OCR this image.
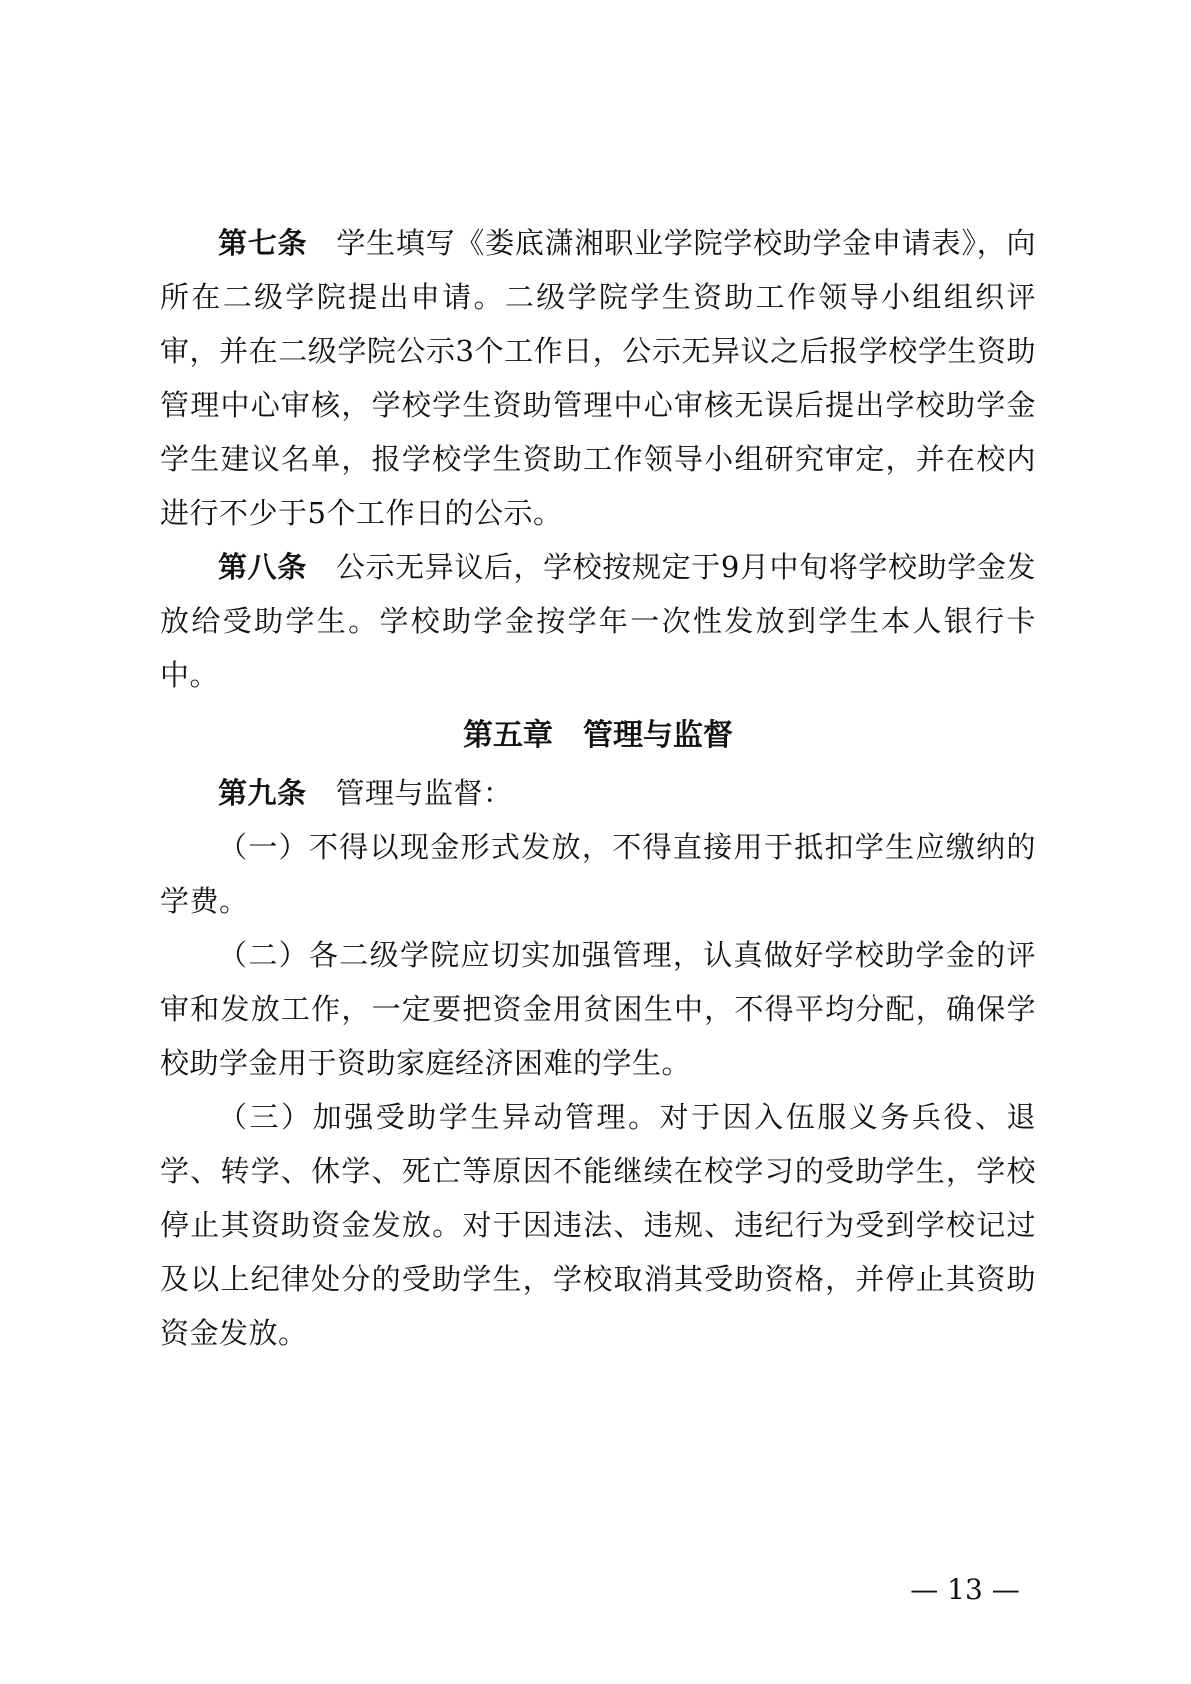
第七条 学生填写《娄底潇湘职业学院学校助学金申请表》，向所在二级学院提出申请。二级学院学生资助工作领导小组组织评审，并在二级学院公示3个工作日，公示无异议之后报学校学生资助管理中心审核，学校学生资助管理中心审核无误后提出学校助学金学生建议名单，报学校学生资助工作领导小组研究审定，并在校内进行不少于5个工作日的公示。

第八条 公示无异议后，学校按规定于9月中旬将学校助学金发放给受助学生。学校助学金按学年一次性发放到学生本人银行卡中。

第五章　管理与监督

第九条 管理与监督：

（一）不得以现金形式发放，不得直接用于抵扣学生应缴纳的学费。

（二）各二级学院应切实加强管理，认真做好学校助学金的评审和发放工作，一定要把资金用贫困生中，不得平均分配，确保学校助学金用于资助家庭经济困难的学生。

（三）加强受助学生异动管理。对于因入伍服义务兵役、退学、转学、休学、死亡等原因不能继续在校学习的受助学生，学校停止其资助资金发放。对于因违法、违规、违纪行为受到学校记过及以上纪律处分的受助学生，学校取消其受助资格，并停止其资助资金发放。

— 13 —
